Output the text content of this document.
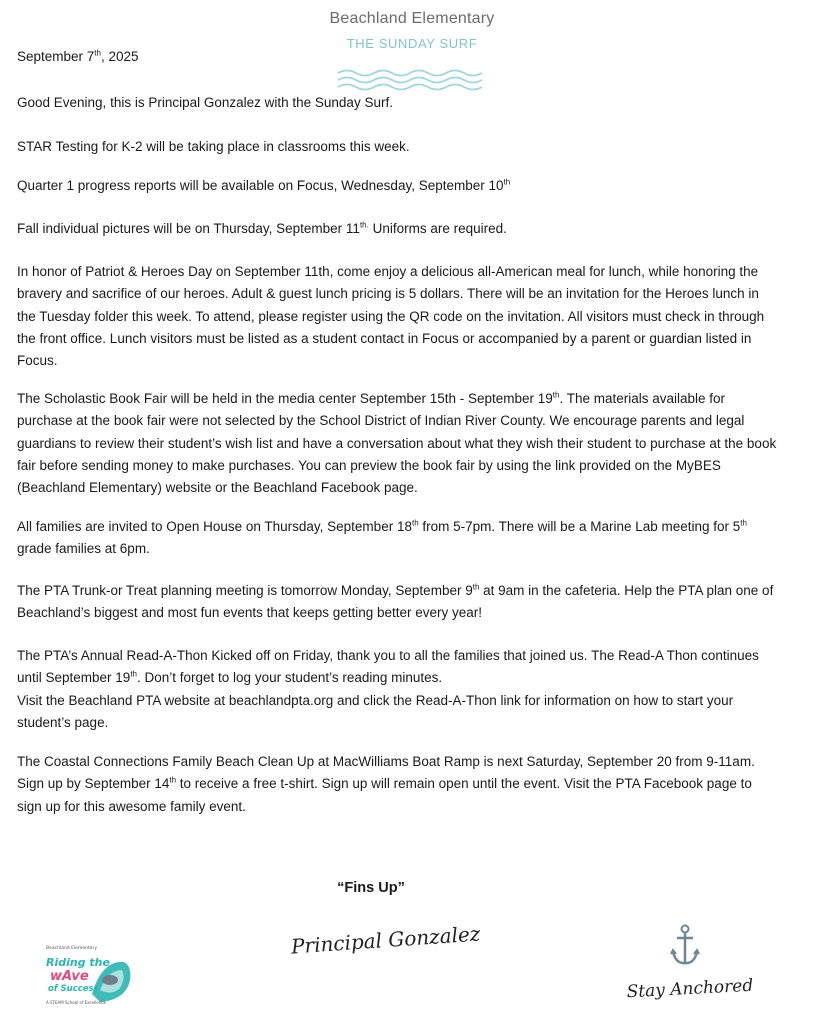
Beachland Elementary
THE SUNDAY SURF
September 7th, 2025

Good Evening, this is Principal Gonzalez with the Sunday Surf.

STAR Testing for K-2 will be taking place in classrooms this week.

Quarter 1 progress reports will be available on Focus, Wednesday, September 10th

Fall individual pictures will be on Thursday, September $11^{th.}$ Uniforms are required.

In honor of Patriot & Heroes Day on September 11th, come enjoy a delicious all-American meal for lunch, while honoring the bravery and sacrifice of our heroes. Adult & guest lunch pricing is 5 dollars. There will be an invitation for the Heroes lunch in the Tuesday folder this week. To attend, please register using the QR code on the invitation. All visitors must check in through the front office. Lunch visitors must be listed as a student contact in Focus or accompanied by a parent or guardian listed in Focus.

The Scholastic Book Fair will be held in the media center September 15th - September 19th. The materials available for purchase at the book fair were not selected by the School District of Indian River County. We encourage parents and legal guardians to review their student’s wish list and have a conversation about what they wish their student to purchase at the book fair before sending money to make purchases. You can preview the book fair by using the link provided on the MyBES (Beachland Elementary) website or the Beachland Facebook page.

All families are invited to Open House on Thursday, September 18th from 5-7pm. There will be a Marine Lab meeting for 5th grade families at 6pm.

The PTA Trunk-or Treat planning meeting is tomorrow Monday, September 9th at 9am in the cafeteria. Help the PTA plan one of Beachland’s biggest and most fun events that keeps getting better every year!

The PTA’s Annual Read-A-Thon Kicked off on Friday, thank you to all the families that joined us. The Read-A Thon continues until September 19th. Don’t forget to log your student’s reading minutes.
Visit the Beachland PTA website at beachlandpta.org and click the Read-A-Thon link for information on how to start your student’s page.

The Coastal Connections Family Beach Clean Up at MacWilliams Boat Ramp is next Saturday, September 20 from 9-11am. Sign up by September 14th to receive a free t-shirt. Sign up will remain open until the event. Visit the PTA Facebook page to sign up for this awesome family event.

“Fins Up”
Principal Gonzalez
Stay Anchored
Beachland Elementary
Riding the
wAve
of Success
A STEAM School of Excellence
